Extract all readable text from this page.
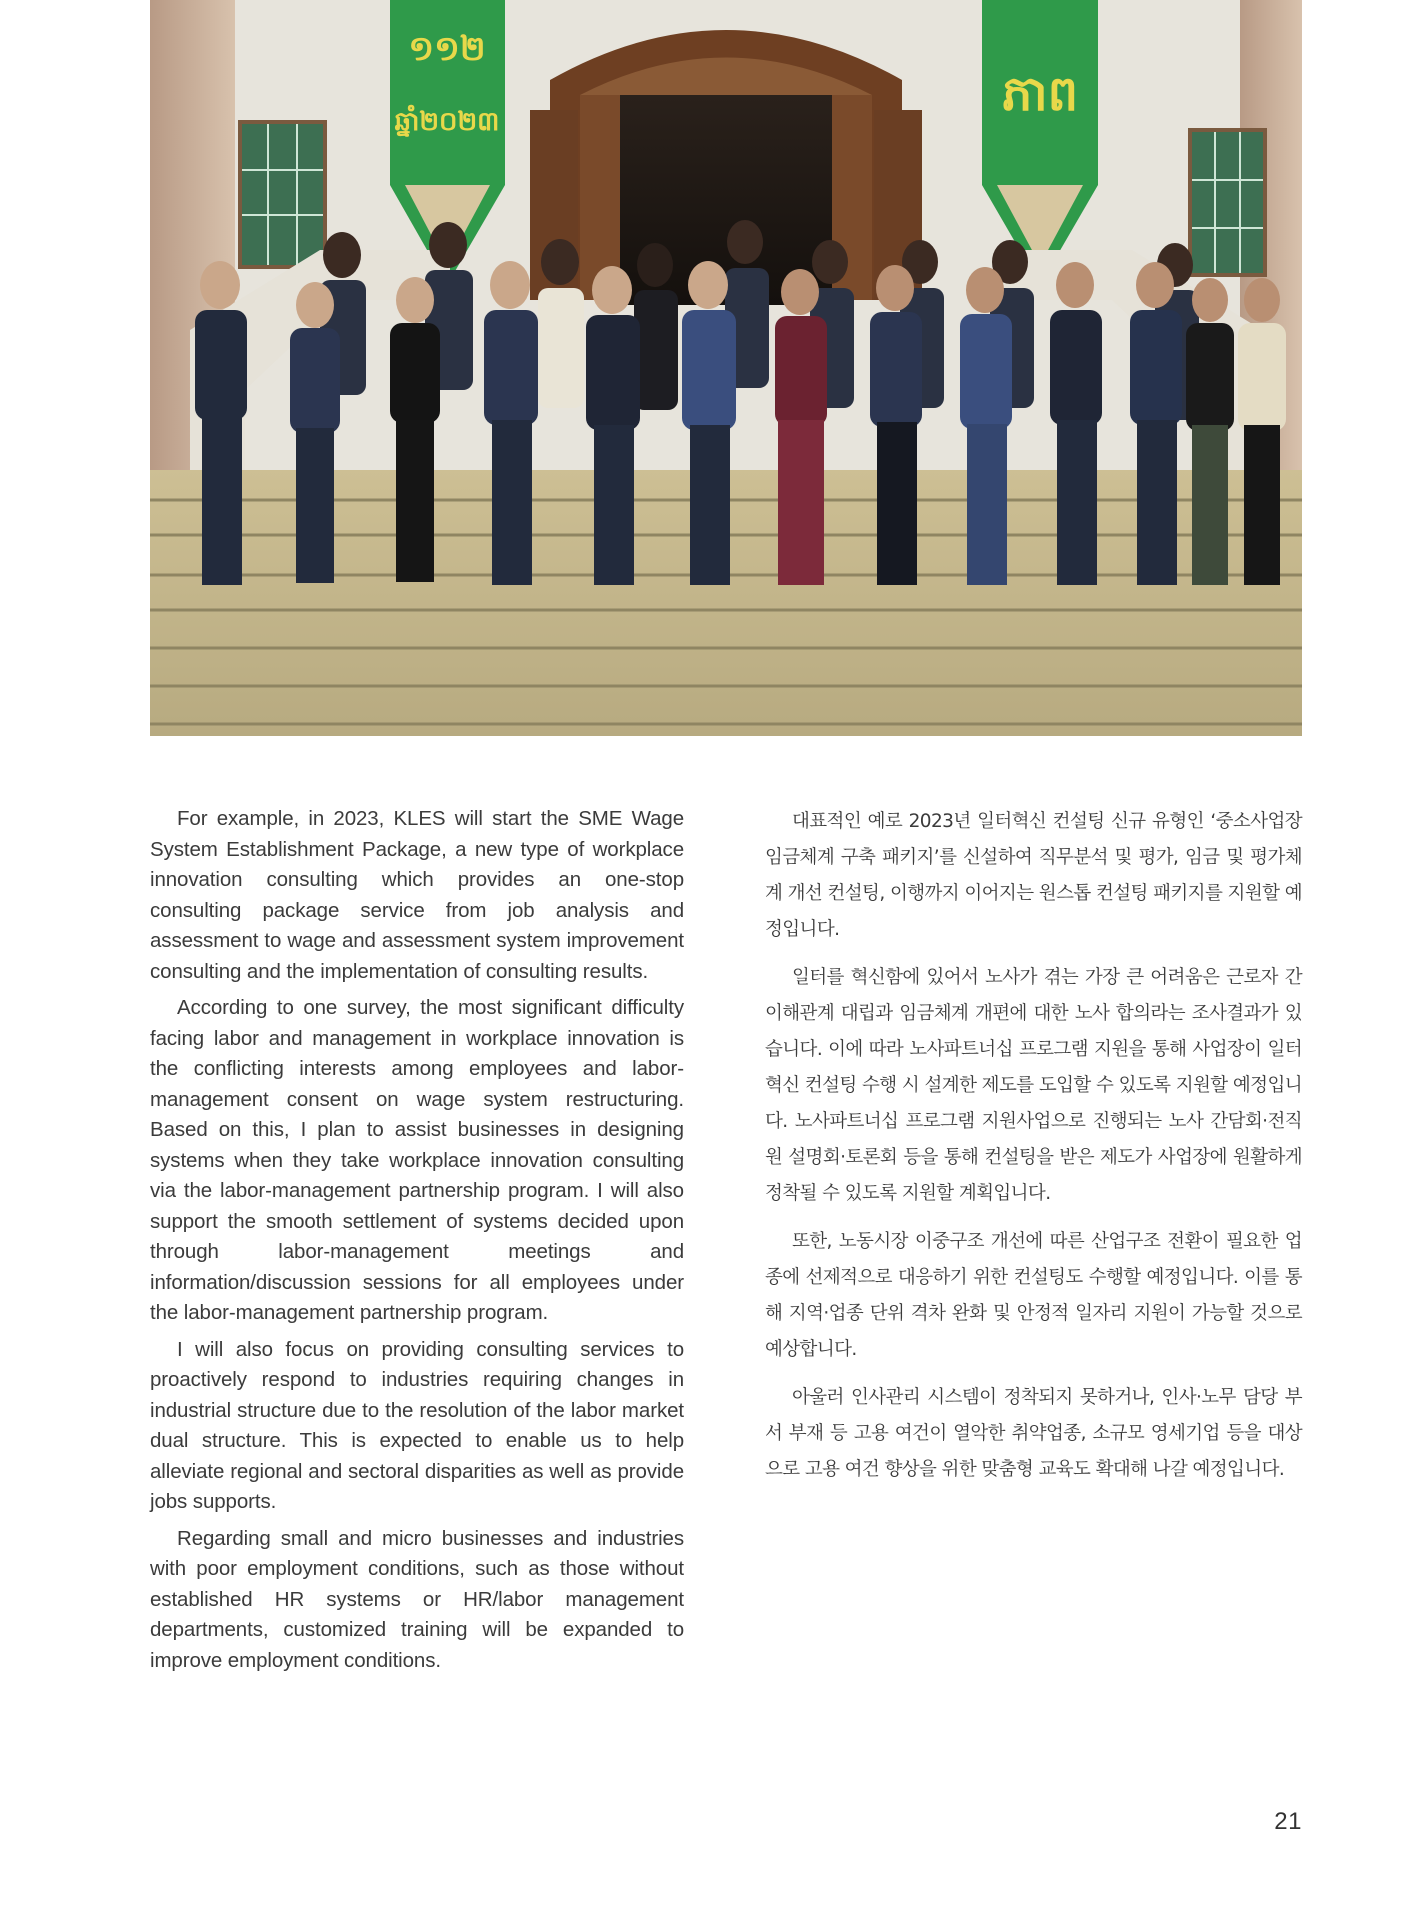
១១២
ឆ្នាំ២០២៣	ភាព

For example, in 2023, KLES will start the SME Wage System Establishment Package, a new type of workplace innovation consulting which provides an one-stop consulting package service from job analysis and assessment to wage and assessment system improvement consulting and the implementation of consulting results.

According to one survey, the most significant difficulty facing labor and management in workplace innovation is the conflicting interests among employees and labor-management consent on wage system restructuring. Based on this, I plan to assist businesses in designing systems when they take workplace innovation consulting via the labor-management partnership program. I will also support the smooth settlement of systems decided upon through labor-management meetings and information/discussion sessions for all employees under the labor-management partnership program.

I will also focus on providing consulting services to proactively respond to industries requiring changes in industrial structure due to the resolution of the labor market dual structure. This is expected to enable us to help alleviate regional and sectoral disparities as well as provide jobs supports.

Regarding small and micro businesses and industries with poor employment conditions, such as those without established HR systems or HR/labor management departments, customized training will be expanded to improve employment conditions.

대표적인 예로 2023년 일터혁신 컨설팅 신규 유형인 ‘중소사업장 임금체계 구축 패키지’를 신설하여 직무분석 및 평가, 임금 및 평가체계 개선 컨설팅, 이행까지 이어지는 원스톱 컨설팅 패키지를 지원할 예정입니다.

일터를 혁신함에 있어서 노사가 겪는 가장 큰 어려움은 근로자 간 이해관계 대립과 임금체계 개편에 대한 노사 합의라는 조사결과가 있습니다. 이에 따라 노사파트너십 프로그램 지원을 통해 사업장이 일터혁신 컨설팅 수행 시 설계한 제도를 도입할 수 있도록 지원할 예정입니다. 노사파트너십 프로그램 지원사업으로 진행되는 노사 간담회·전직원 설명회·토론회 등을 통해 컨설팅을 받은 제도가 사업장에 원활하게 정착될 수 있도록 지원할 계획입니다.

또한, 노동시장 이중구조 개선에 따른 산업구조 전환이 필요한 업종에 선제적으로 대응하기 위한 컨설팅도 수행할 예정입니다. 이를 통해 지역·업종 단위 격차 완화 및 안정적 일자리 지원이 가능할 것으로 예상합니다.

아울러 인사관리 시스템이 정착되지 못하거나, 인사·노무 담당 부서 부재 등 고용 여건이 열악한 취약업종, 소규모 영세기업 등을 대상으로 고용 여건 향상을 위한 맞춤형 교육도 확대해 나갈 예정입니다.

21
